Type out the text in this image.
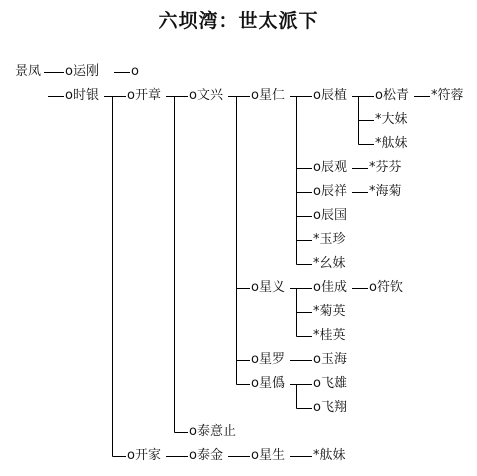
六坝湾：世太派下
景凤 o运刚 o
o时银 o开章 o文兴 o星仁 o辰植 o松青 *符蓉
*大妹
*舦妹
o辰观 *芬芬
o辰祥 *海菊
o辰国
*玉珍
*幺妹
o星义 o佳成 o符钦
*菊英
*桂英
o星罗 o玉海
o星僞 o飞雄
o飞翔
o泰意止
o开家 o泰金 o星生 *舦妹
